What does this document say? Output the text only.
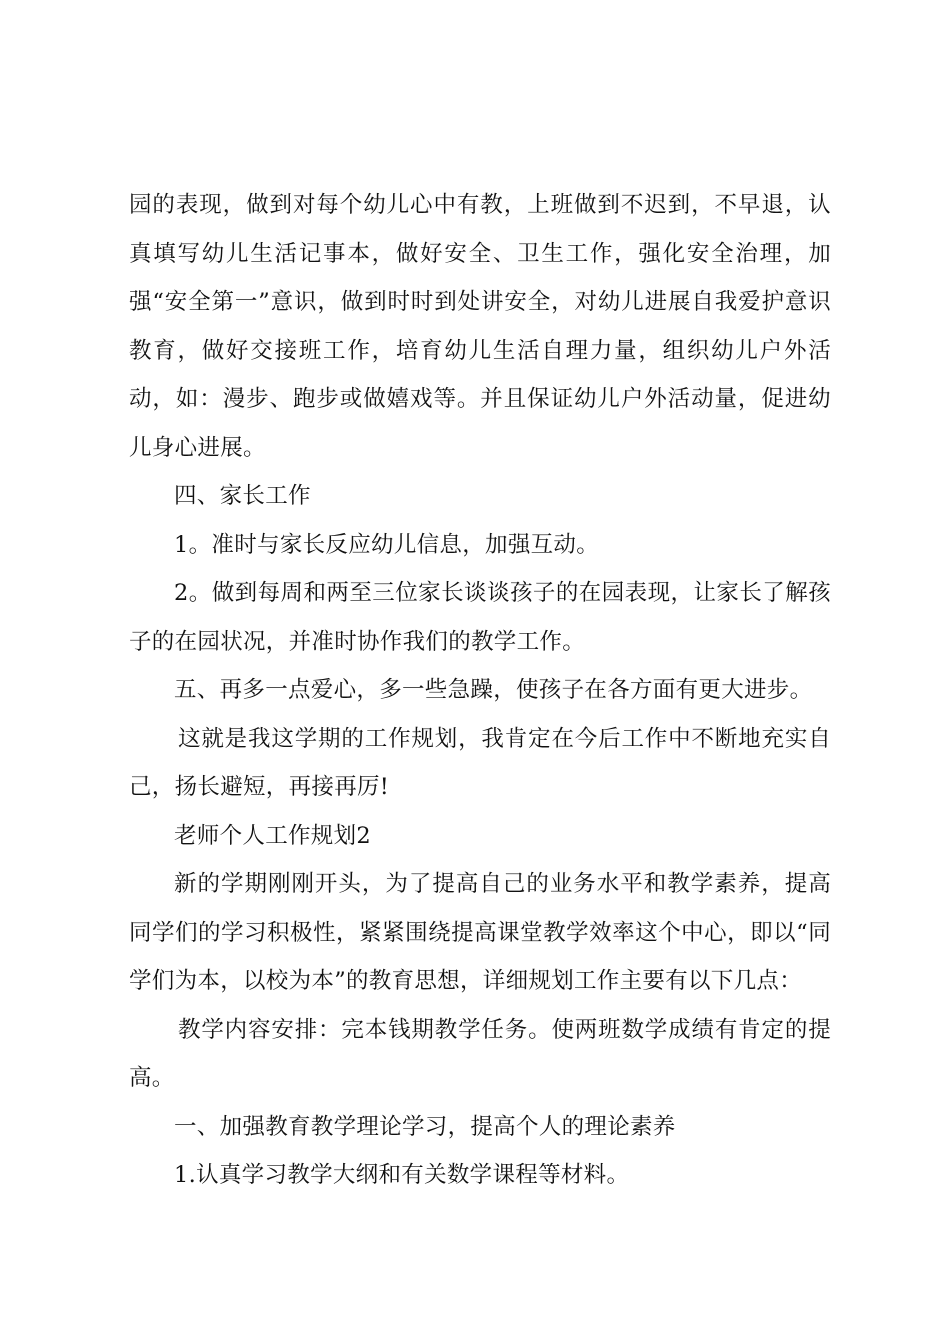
园的表现，做到对每个幼儿心中有教，上班做到不迟到，不早退，认真填写幼儿生活记事本，做好安全、卫生工作，强化安全治理，加强“安全第一”意识，做到时时到处讲安全，对幼儿进展自我爱护意识教育，做好交接班工作，培育幼儿生活自理力量，组织幼儿户外活动，如：漫步、跑步或做嬉戏等。并且保证幼儿户外活动量，促进幼儿身心进展。

四、家长工作

1。准时与家长反应幼儿信息，加强互动。

2。做到每周和两至三位家长谈谈孩子的在园表现，让家长了解孩子的在园状况，并准时协作我们的教学工作。

五、再多一点爱心，多一些急躁，使孩子在各方面有更大进步。

这就是我这学期的工作规划，我肯定在今后工作中不断地充实自己，扬长避短，再接再厉!

老师个人工作规划2

新的学期刚刚开头，为了提高自己的业务水平和教学素养，提高同学们的学习积极性，紧紧围绕提高课堂教学效率这个中心，即以“同学们为本，以校为本”的教育思想，详细规划工作主要有以下几点：

教学内容安排：完本钱期教学任务。使两班数学成绩有肯定的提高。

一、加强教育教学理论学习，提高个人的理论素养

1.认真学习教学大纲和有关数学课程等材料。
